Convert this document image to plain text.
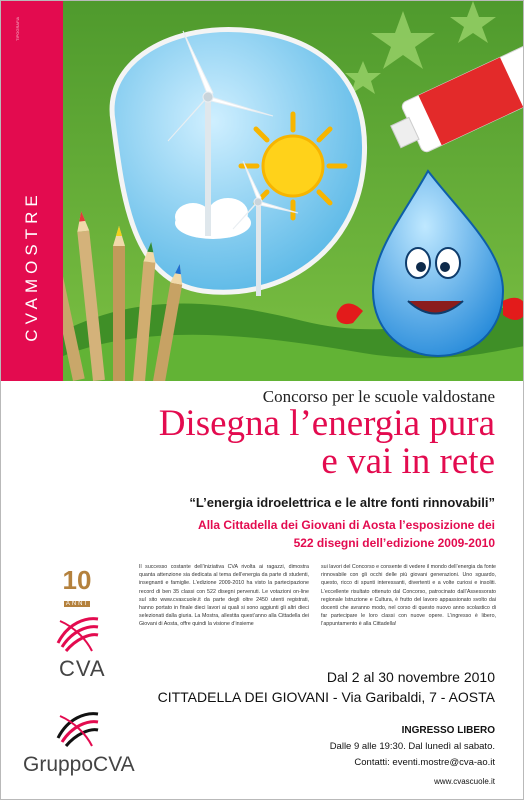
CVAMOSTRE
TIPOGRAFIA
Concorso per le scuole valdostane
Disegna l’energia pura
e vai in rete
“L’energia idroelettrica e le altre fonti rinnovabili”
Alla Cittadella dei Giovani di Aosta l’esposizione dei
522 disegni dell’edizione 2009-2010
Il successo costante dell’iniziativa CVA rivolta ai ragazzi, dimostra quanta attenzione sia dedicata al tema dell’energia da parte di studenti, insegnanti e famiglie. L’edizione 2009-2010 ha visto la partecipazione record di ben 35 classi con 522 disegni pervenuti. Le votazioni on-line sul sito www.cvascuole.it da parte degli oltre 2450 utenti registrati, hanno portato in finale dieci lavori ai quali si sono aggiunti gli altri dieci selezionati dalla giuria. La Mostra, allestita quest’anno alla Cittadella dei Giovani di Aosta, offre quindi la visione d’insieme
sui lavori del Concorso e consente di vedere il mondo dell’energia da fonte rinnovabile con gli occhi delle più giovani generazioni. Uno sguardo, questo, ricco di spunti interessanti, divertenti e a volte curiosi e insoliti. L’eccellente risultato ottenuto dal Concorso, patrocinato dall’Assessorato regionale Istruzione e Cultura, è frutto del lavoro appassionato svolto dai docenti che avranno modo, nel corso di questo nuovo anno scolastico di far partecipare le loro classi con nuove opere. L’ingresso è libero, l’appuntamento è alla Cittadella!
Dal 2 al 30 novembre 2010
CITTADELLA DEI GIOVANI - Via Garibaldi, 7 - AOSTA
INGRESSO LIBERO
Dalle 9 alle 19:30. Dal lunedì al sabato.
Contatti: eventi.mostre@cva-ao.it
www.cvascuole.it
10
ANNI
CVA
GruppoCVA
